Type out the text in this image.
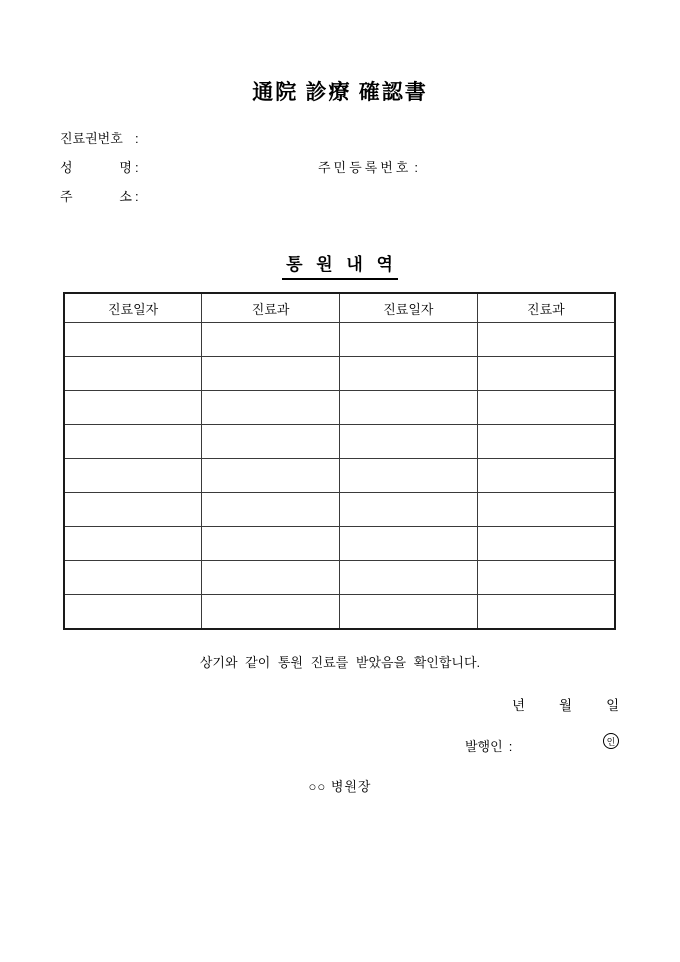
通院 診療 確認書
진료권번호 :
성 명 :
주 소 :
주민등록번호 :
통 원 내 역
진료일자	진료과	진료일자	진료과

상기와 같이 통원 진료를 받았음을 확인합니다.
년	월	일
발행인 :	인
○○ 병원장
